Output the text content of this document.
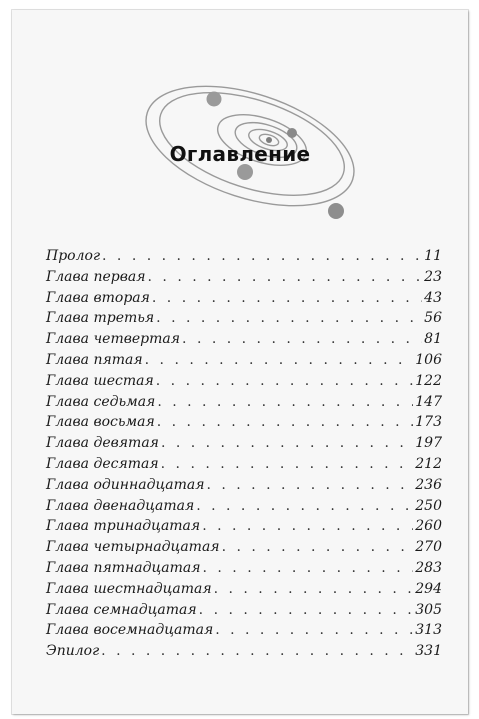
Оглавление
Пролог . . .	11
Глава первая . . .	23
Глава вторая . . .	43
Глава третья . . .	56
Глава четвертая . . .	81
Глава пятая . . .	106
Глава шестая . . .	122
Глава седьмая . . .	147
Глава восьмая . . .	173
Глава девятая . . .	197
Глава десятая . . .	212
Глава одиннадцатая . . .	236
Глава двенадцатая . . .	250
Глава тринадцатая . . .	260
Глава четырнадцатая . . .	270
Глава пятнадцатая . . .	283
Глава шестнадцатая . . .	294
Глава семнадцатая . . .	305
Глава восемнадцатая . . .	313
Эпилог . . .	331
